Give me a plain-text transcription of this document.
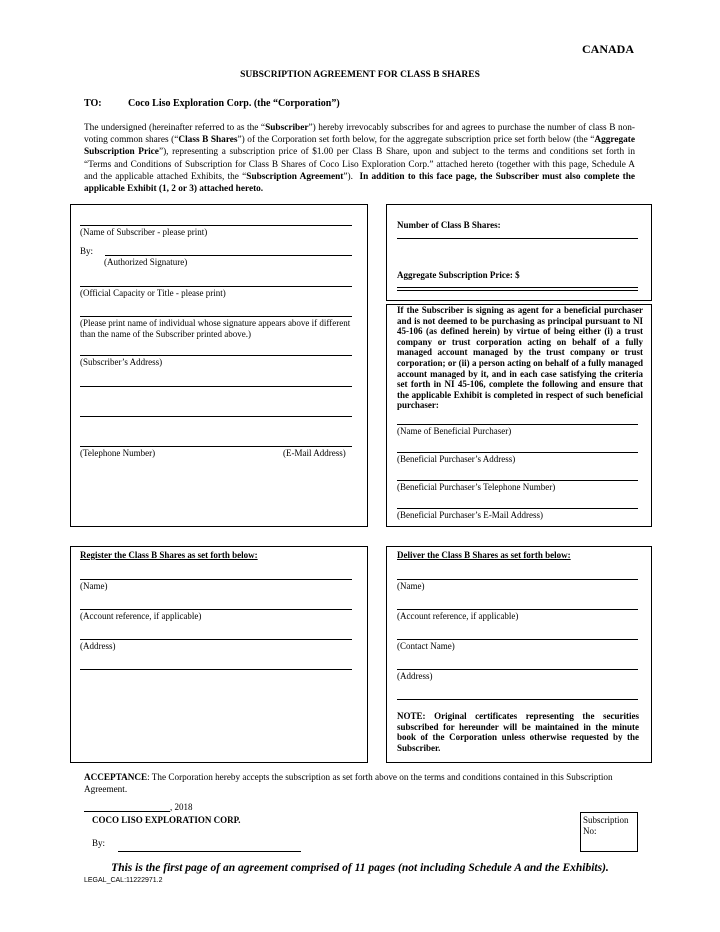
CANADA
SUBSCRIPTION AGREEMENT FOR CLASS B SHARES
TO:	Coco Liso Exploration Corp. (the “Corporation”)
The undersigned (hereinafter referred to as the “Subscriber”) hereby irrevocably subscribes for and agrees to purchase the number of class B non-voting common shares (“Class B Shares”) of the Corporation set forth below, for the aggregate subscription price set forth below (the “Aggregate Subscription Price”), representing a subscription price of $1.00 per Class B Share, upon and subject to the terms and conditions set forth in “Terms and Conditions of Subscription for Class B Shares of Coco Liso Exploration Corp.” attached hereto (together with this page, Schedule A and the applicable attached Exhibits, the “Subscription Agreement”). In addition to this face page, the Subscriber must also complete the applicable Exhibit (1, 2 or 3) attached hereto.
(Name of Subscriber - please print)
By:
(Authorized Signature)
(Official Capacity or Title - please print)
(Please print name of individual whose signature appears above if different than the name of the Subscriber printed above.)
(Subscriber’s Address)
(Telephone Number)	(E-Mail Address)
Number of Class B Shares:
Aggregate Subscription Price: $
If the Subscriber is signing as agent for a beneficial purchaser and is not deemed to be purchasing as principal pursuant to NI 45-106 (as defined herein) by virtue of being either (i) a trust company or trust corporation acting on behalf of a fully managed account managed by the trust company or trust corporation; or (ii) a person acting on behalf of a fully managed account managed by it, and in each case satisfying the criteria set forth in NI 45-106, complete the following and ensure that the applicable Exhibit is completed in respect of such beneficial purchaser:
(Name of Beneficial Purchaser)
(Beneficial Purchaser’s Address)
(Beneficial Purchaser’s Telephone Number)
(Beneficial Purchaser’s E-Mail Address)
Register the Class B Shares as set forth below:
(Name)
(Account reference, if applicable)
(Address)
Deliver the Class B Shares as set forth below:
(Name)
(Account reference, if applicable)
(Contact Name)
(Address)
NOTE: Original certificates representing the securities subscribed for hereunder will be maintained in the minute book of the Corporation unless otherwise requested by the Subscriber.
ACCEPTANCE: The Corporation hereby accepts the subscription as set forth above on the terms and conditions contained in this Subscription Agreement.
, 2018
COCO LISO EXPLORATION CORP.
By:
Subscription No:
This is the first page of an agreement comprised of 11 pages (not including Schedule A and the Exhibits).
LEGAL_CAL:11222971.2
